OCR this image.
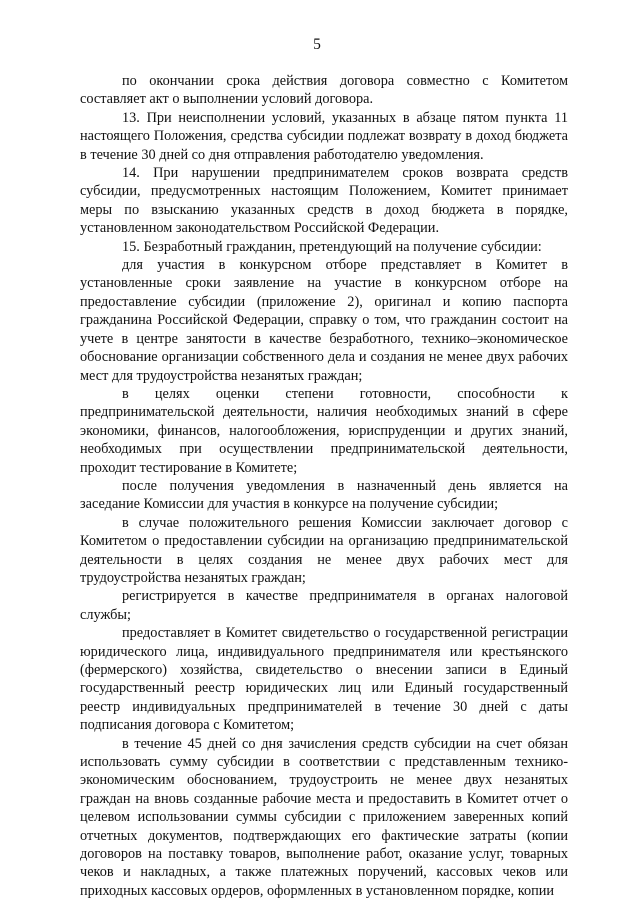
5

по окончании срока действия договора совместно с Комитетом составляет акт о выполнении условий договора.

13. При неисполнении условий, указанных в абзаце пятом пункта 11 настоящего Положения, средства субсидии подлежат возврату в доход бюджета в течение 30 дней со дня отправления работодателю уведомления.

14. При нарушении предпринимателем сроков возврата средств субсидии, предусмотренных настоящим Положением, Комитет принимает меры по взысканию указанных средств в доход бюджета в порядке, установленном законодательством Российской Федерации.

15. Безработный гражданин, претендующий на получение субсидии:

для участия в конкурсном отборе представляет в Комитет в установленные сроки заявление на участие в конкурсном отборе на предоставление субсидии (приложение 2), оригинал и копию паспорта гражданина Российской Федерации, справку о том, что гражданин состоит на учете в центре занятости в качестве безработного, технико–экономическое обоснование организации собственного дела и создания не менее двух рабочих мест для трудоустройства незанятых граждан;

в целях оценки степени готовности, способности к предпринимательской деятельности, наличия необходимых знаний в сфере экономики, финансов, налогообложения, юриспруденции и других знаний, необходимых при осуществлении предпринимательской деятельности, проходит тестирование в Комитете;

после получения уведомления в назначенный день является на заседание Комиссии для участия в конкурсе на получение субсидии;

в случае положительного решения Комиссии заключает договор с Комитетом о предоставлении субсидии на организацию предпринимательской деятельности в целях создания не менее двух рабочих мест для трудоустройства незанятых граждан;

регистрируется в качестве предпринимателя в органах налоговой службы;

предоставляет в Комитет свидетельство о государственной регистрации юридического лица, индивидуального предпринимателя или крестьянского (фермерского) хозяйства, свидетельство о внесении записи в Единый государственный реестр юридических лиц или Единый государственный реестр индивидуальных предпринимателей в течение 30 дней с даты подписания договора с Комитетом;

в течение 45 дней со дня зачисления средств субсидии на счет обязан использовать сумму субсидии в соответствии с представленным технико-экономическим обоснованием, трудоустроить не менее двух незанятых граждан на вновь созданные рабочие места и предоставить в Комитет отчет о целевом использовании суммы субсидии с приложением заверенных копий отчетных документов, подтверждающих его фактические затраты (копии договоров на поставку товаров, выполнение работ, оказание услуг, товарных чеков и накладных, а также платежных поручений, кассовых чеков или приходных кассовых ордеров, оформленных в установленном порядке, копии
